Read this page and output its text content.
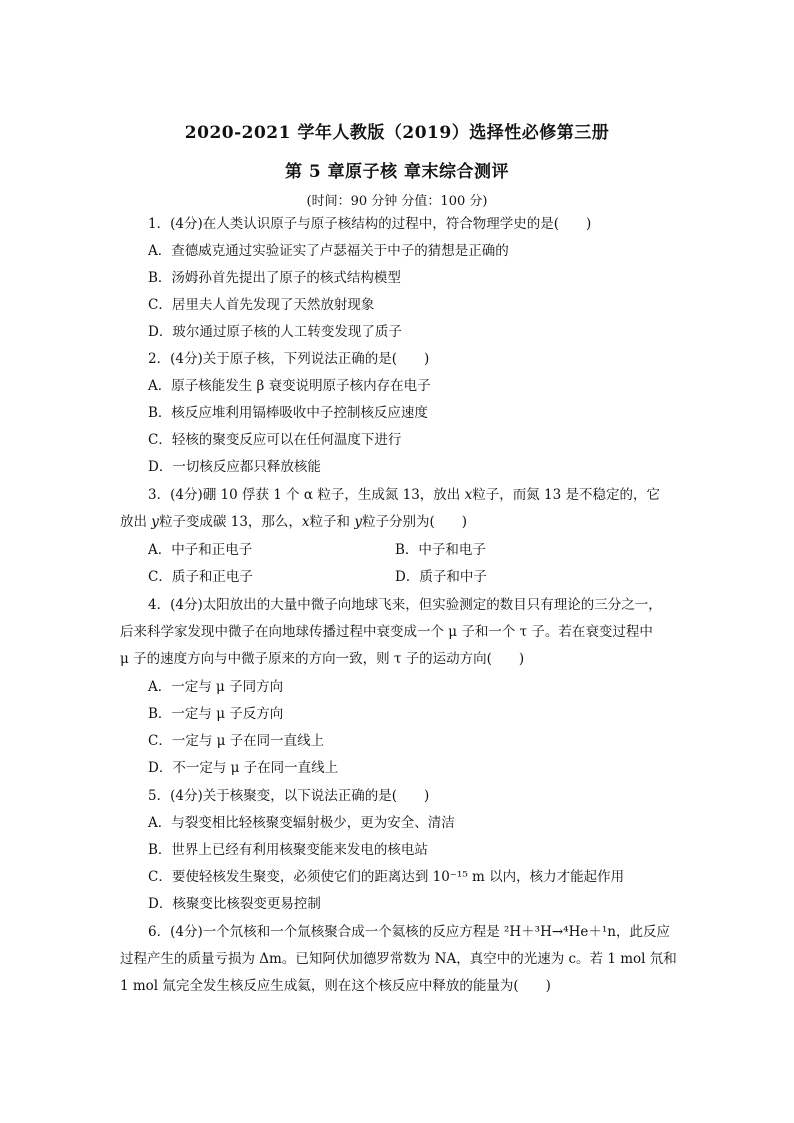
2020-2021 学年人教版（2019）选择性必修第三册
第 5 章原子核 章末综合测评
(时间：90 分钟 分值：100 分)
1．(4分)在人类认识原子与原子核结构的过程中，符合物理学史的是(　　)
A．查德威克通过实验证实了卢瑟福关于中子的猜想是正确的
B．汤姆孙首先提出了原子的核式结构模型
C．居里夫人首先发现了天然放射现象
D．玻尔通过原子核的人工转变发现了质子
2．(4分)关于原子核，下列说法正确的是(　　)
A．原子核能发生 β 衰变说明原子核内存在电子
B．核反应堆利用镉棒吸收中子控制核反应速度
C．轻核的聚变反应可以在任何温度下进行
D．一切核反应都只释放核能
3．(4分)硼 10 俘获 1 个 α 粒子，生成氮 13，放出 x粒子，而氮 13 是不稳定的，它
放出 y粒子变成碳 13，那么，x粒子和 y粒子分别为(　　)
A．中子和正电子	B．中子和电子
C．质子和正电子	D．质子和中子
4．(4分)太阳放出的大量中微子向地球飞来，但实验测定的数目只有理论的三分之一，
后来科学家发现中微子在向地球传播过程中衰变成一个 μ 子和一个 τ 子。若在衰变过程中
μ 子的速度方向与中微子原来的方向一致，则 τ 子的运动方向(　　)
A．一定与 μ 子同方向
B．一定与 μ 子反方向
C．一定与 μ 子在同一直线上
D．不一定与 μ 子在同一直线上
5．(4分)关于核聚变，以下说法正确的是(　　)
A．与裂变相比轻核聚变辐射极少，更为安全、清洁
B．世界上已经有利用核聚变能来发电的核电站
C．要使轻核发生聚变，必须使它们的距离达到 10⁻¹⁵ m 以内，核力才能起作用
D．核聚变比核裂变更易控制
6．(4分)一个氘核和一个氚核聚合成一个氦核的反应方程是 ²H＋³H→⁴He＋¹n，此反应
过程产生的质量亏损为 Δm。已知阿伏加德罗常数为 NA，真空中的光速为 c。若 1 mol 氘和
1 mol 氚完全发生核反应生成氦，则在这个核反应中释放的能量为(　　)
